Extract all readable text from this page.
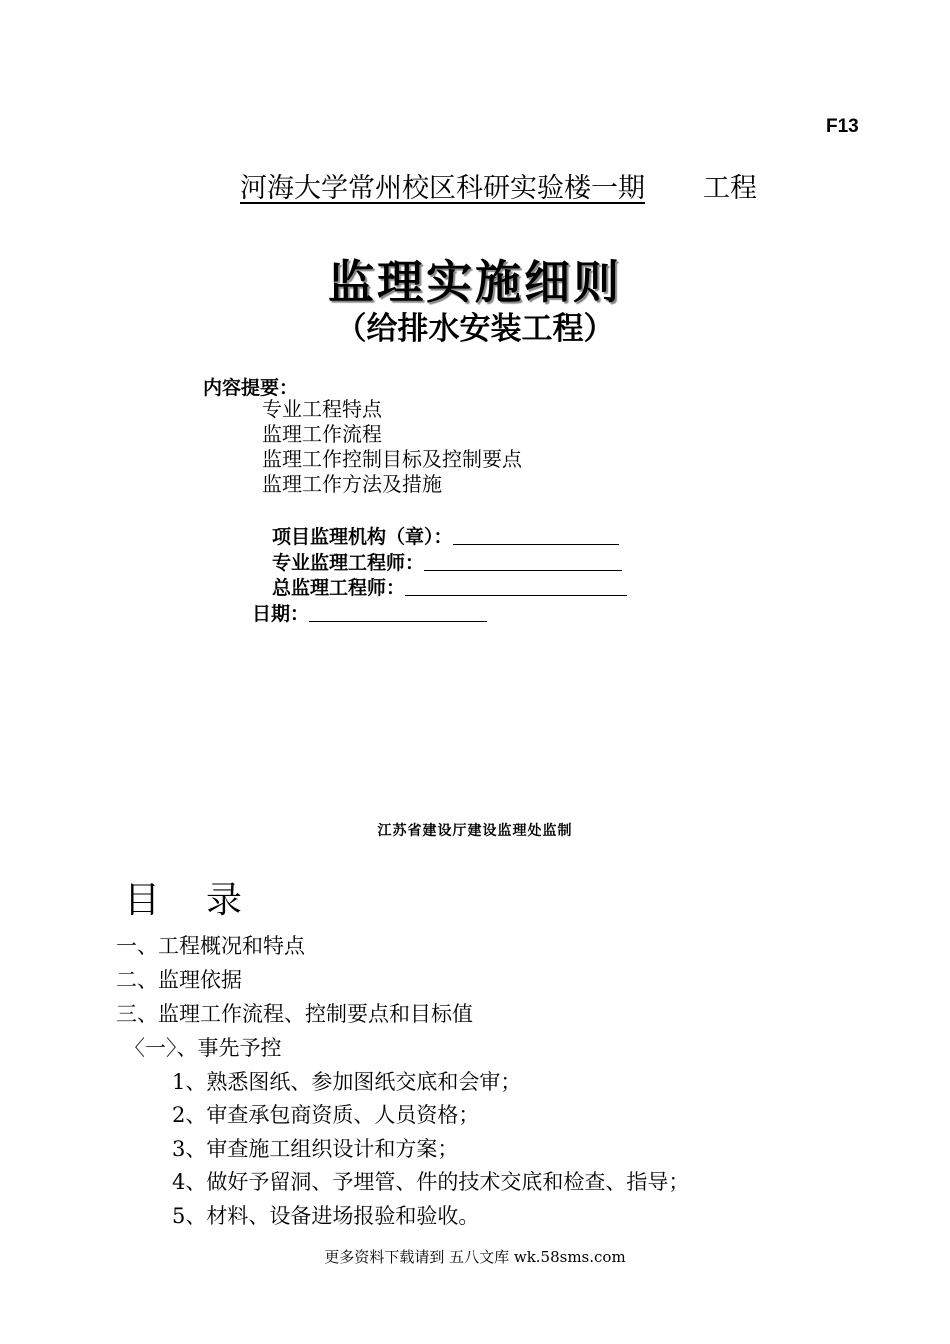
F13
河海大学常州校区科研实验楼一期 工程
监理实施细则
（给排水安装工程）
内容提要：
专业工程特点
监理工作流程
监理工作控制目标及控制要点
监理工作方法及措施
项目监理机构（章）：
专业监理工程师：
总监理工程师：
日期：
江苏省建设厅建设监理处监制
目录
一、工程概况和特点
二、监理依据
三、监理工作流程、控制要点和目标值
〈一〉、事先予控
1、熟悉图纸、参加图纸交底和会审；
2、审查承包商资质、人员资格；
3、审查施工组织设计和方案；
4、做好予留洞、予埋管、件的技术交底和检查、指导；
5、材料、设备进场报验和验收。
更多资料下载请到 五八文库 wk.58sms.com
